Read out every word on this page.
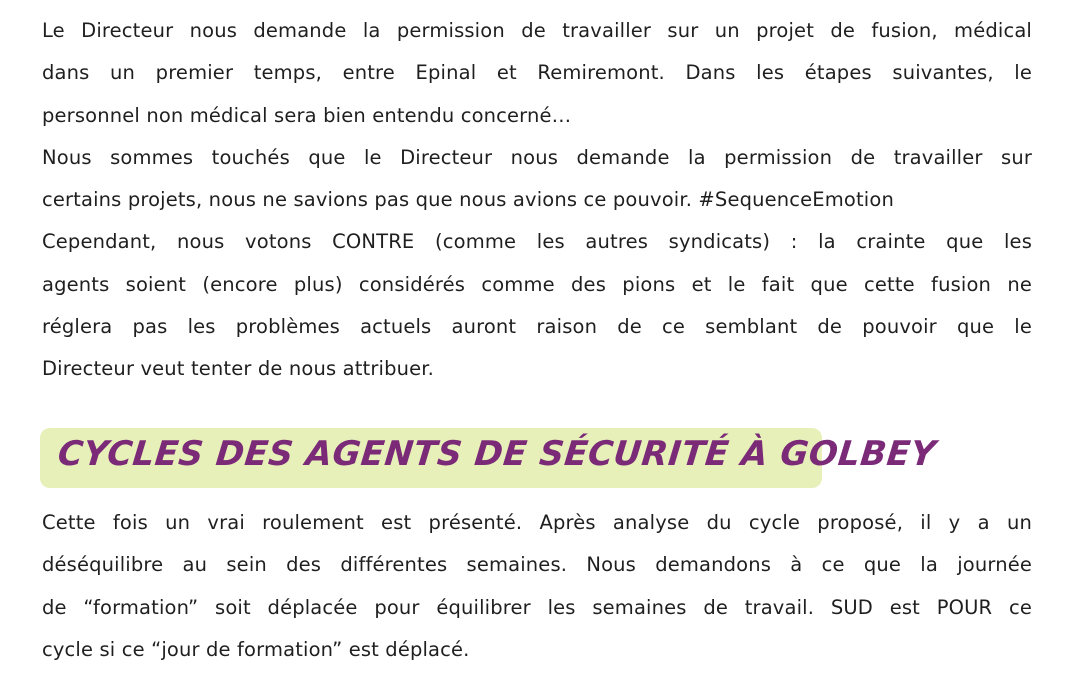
Le Directeur nous demande la permission de travailler sur un projet de fusion, médical
dans un premier temps, entre Epinal et Remiremont. Dans les étapes suivantes, le
personnel non médical sera bien entendu concerné…

Nous sommes touchés que le Directeur nous demande la permission de travailler sur
certains projets, nous ne savions pas que nous avions ce pouvoir. #SequenceEmotion

Cependant, nous votons CONTRE (comme les autres syndicats) : la crainte que les
agents soient (encore plus) considérés comme des pions et le fait que cette fusion ne
réglera pas les problèmes actuels auront raison de ce semblant de pouvoir que le
Directeur veut tenter de nous attribuer.

CYCLES DES AGENTS DE SÉCURITÉ À GOLBEY

Cette fois un vrai roulement est présenté. Après analyse du cycle proposé, il y a un
déséquilibre au sein des différentes semaines. Nous demandons à ce que la journée
de “formation” soit déplacée pour équilibrer les semaines de travail. SUD est POUR ce
cycle si ce “jour de formation” est déplacé.
